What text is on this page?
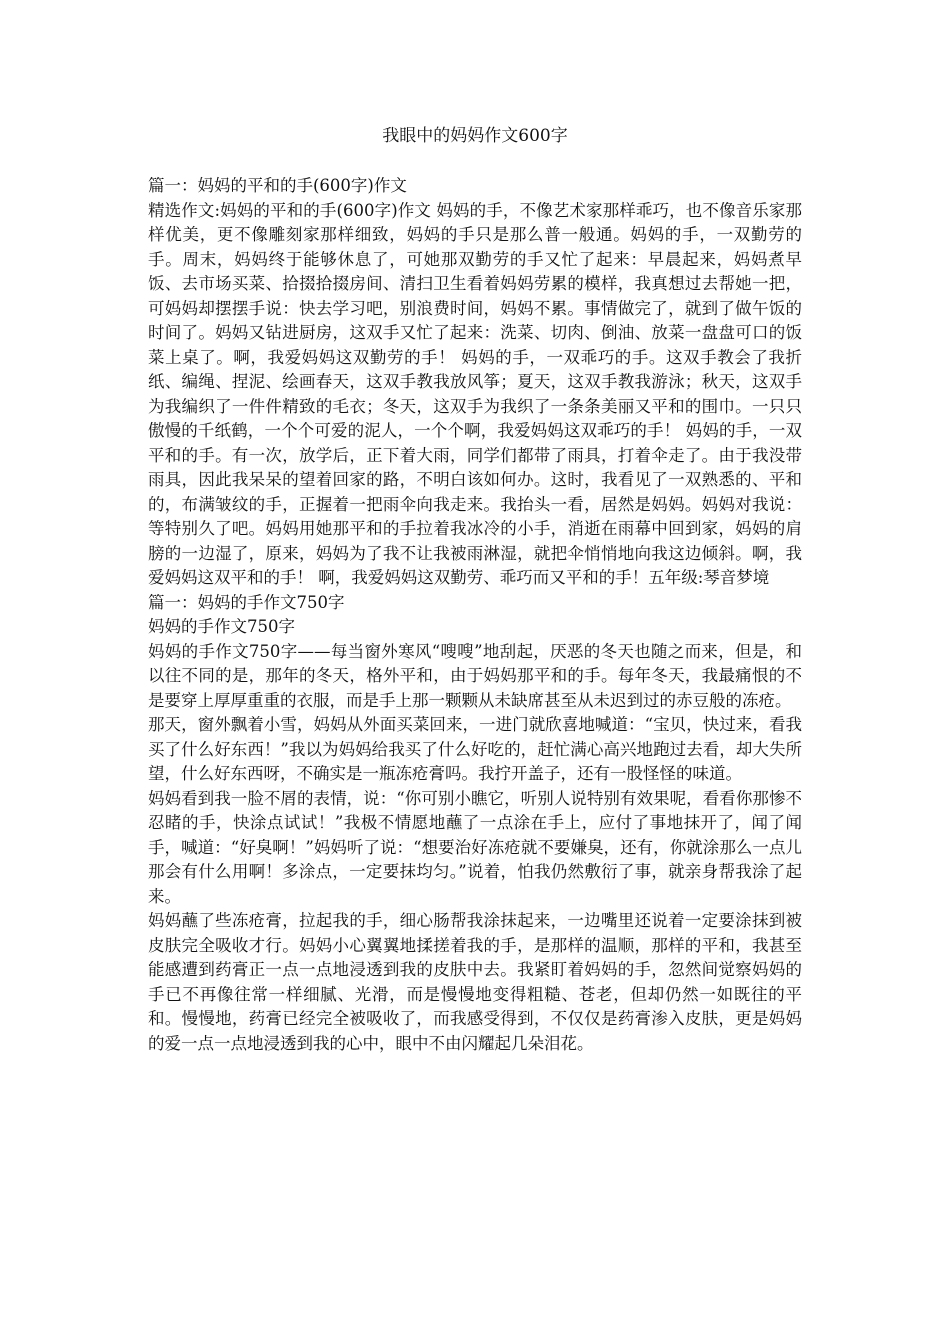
我眼中的妈妈作文600字

篇一：妈妈的平和的手(600字)作文

精选作文:妈妈的平和的手(600字)作文 妈妈的手，不像艺术家那样乖巧，也不像音乐家那样优美，更不像雕刻家那样细致，妈妈的手只是那么普一般通。妈妈的手，一双勤劳的手。周末，妈妈终于能够休息了，可她那双勤劳的手又忙了起来：早晨起来，妈妈煮早饭、去市场买菜、拾掇拾掇房间、清扫卫生看着妈妈劳累的模样，我真想过去帮她一把，可妈妈却摆摆手说：快去学习吧，别浪费时间，妈妈不累。事情做完了，就到了做午饭的时间了。妈妈又钻进厨房，这双手又忙了起来：洗菜、切肉、倒油、放菜一盘盘可口的饭菜上桌了。啊，我爱妈妈这双勤劳的手！ 妈妈的手，一双乖巧的手。这双手教会了我折纸、编绳、捏泥、绘画春天，这双手教我放风筝；夏天，这双手教我游泳；秋天，这双手为我编织了一件件精致的毛衣；冬天，这双手为我织了一条条美丽又平和的围巾。一只只傲慢的千纸鹤，一个个可爱的泥人，一个个啊，我爱妈妈这双乖巧的手！ 妈妈的手，一双平和的手。有一次，放学后，正下着大雨，同学们都带了雨具，打着伞走了。由于我没带雨具，因此我呆呆的望着回家的路，不明白该如何办。这时，我看见了一双熟悉的、平和的，布满皱纹的手，正握着一把雨伞向我走来。我抬头一看，居然是妈妈。妈妈对我说：等特别久了吧。妈妈用她那平和的手拉着我冰冷的小手，消逝在雨幕中回到家，妈妈的肩膀的一边湿了，原来，妈妈为了我不让我被雨淋湿，就把伞悄悄地向我这边倾斜。啊，我爱妈妈这双平和的手！ 啊，我爱妈妈这双勤劳、乖巧而又平和的手！五年级:琴音梦境

篇一：妈妈的手作文750字

妈妈的手作文750字

妈妈的手作文750字——每当窗外寒风“嗖嗖”地刮起，厌恶的冬天也随之而来，但是，和以往不同的是，那年的冬天，格外平和，由于妈妈那平和的手。每年冬天，我最痛恨的不是要穿上厚厚重重的衣服，而是手上那一颗颗从未缺席甚至从未迟到过的赤豆般的冻疮。

那天，窗外飘着小雪，妈妈从外面买菜回来，一进门就欣喜地喊道：“宝贝，快过来，看我买了什么好东西！”我以为妈妈给我买了什么好吃的，赶忙满心高兴地跑过去看，却大失所望，什么好东西呀，不确实是一瓶冻疮膏吗。我拧开盖子，还有一股怪怪的味道。

妈妈看到我一脸不屑的表情，说：“你可别小瞧它，听别人说特别有效果呢，看看你那惨不忍睹的手，快涂点试试！”我极不情愿地蘸了一点涂在手上，应付了事地抹开了，闻了闻手，喊道：“好臭啊！”妈妈听了说：“想要治好冻疮就不要嫌臭，还有，你就涂那么一点儿那会有什么用啊！多涂点，一定要抹均匀。”说着，怕我仍然敷衍了事，就亲身帮我涂了起来。

妈妈蘸了些冻疮膏，拉起我的手，细心肠帮我涂抹起来，一边嘴里还说着一定要涂抹到被皮肤完全吸收才行。妈妈小心翼翼地揉搓着我的手，是那样的温顺，那样的平和，我甚至能感遭到药膏正一点一点地浸透到我的皮肤中去。我紧盯着妈妈的手，忽然间觉察妈妈的手已不再像往常一样细腻、光滑，而是慢慢地变得粗糙、苍老，但却仍然一如既往的平和。慢慢地，药膏已经完全被吸收了，而我感受得到，不仅仅是药膏渗入皮肤，更是妈妈的爱一点一点地浸透到我的心中，眼中不由闪耀起几朵泪花。
